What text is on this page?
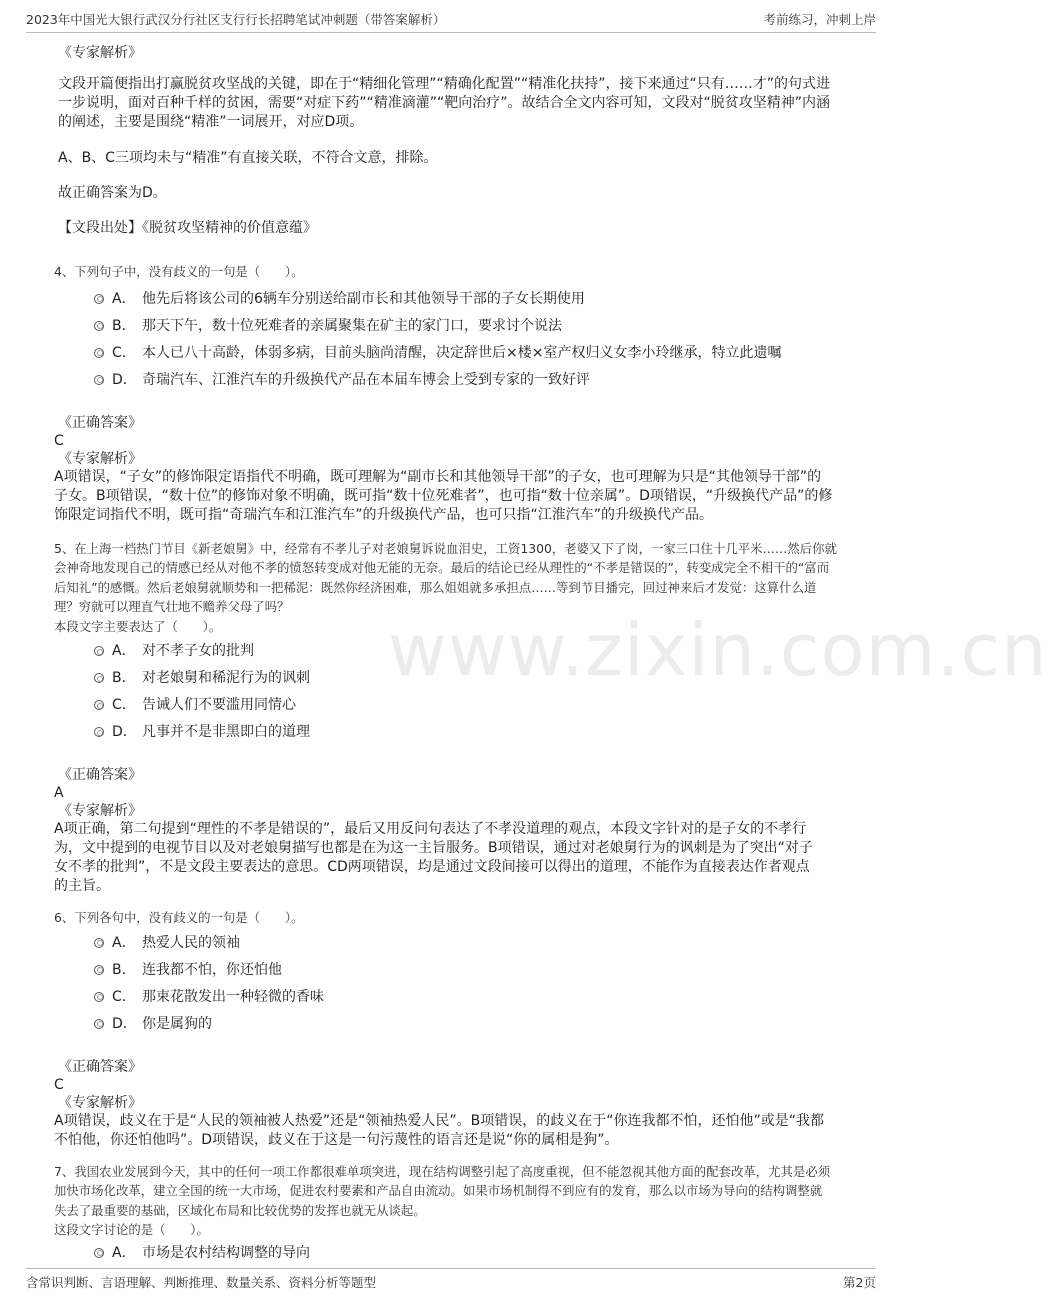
2023年中国光大银行武汉分行社区支行行长招聘笔试冲刺题（带答案解析）	考前练习，冲刺上岸
www.zixin.com.cn

《专家解析》

文段开篇便指出打赢脱贫攻坚战的关键，即在于“精细化管理”“精确化配置”“精准化扶持”，接下来通过“只有……才”的句式进

一步说明，面对百种千样的贫困，需要“对症下药”“精准滴灌”“靶向治疗”。故结合全文内容可知，文段对“脱贫攻坚精神”内涵

的阐述，主要是围绕“精准”一词展开，对应D项。

A、B、C三项均未与“精准”有直接关联，不符合文意，排除。

故正确答案为D。

【文段出处】《脱贫攻坚精神的价值意蕴》

4、下列句子中，没有歧义的一句是（　　）。

A． 他先后将该公司的6辆车分别送给副市长和其他领导干部的子女长期使用
B． 那天下午，数十位死难者的亲属聚集在矿主的家门口，要求讨个说法
C． 本人已八十高龄，体弱多病，目前头脑尚清醒，决定辞世后×楼×室产权归义女李小玲继承，特立此遗嘱
D． 奇瑞汽车、江淮汽车的升级换代产品在本届车博会上受到专家的一致好评

《正确答案》

C

《专家解析》

A项错误，“子女”的修饰限定语指代不明确，既可理解为“副市长和其他领导干部”的子女，也可理解为只是“其他领导干部”的

子女。B项错误，“数十位”的修饰对象不明确，既可指“数十位死难者”，也可指“数十位亲属”。D项错误，“升级换代产品”的修

饰限定词指代不明，既可指“奇瑞汽车和江淮汽车”的升级换代产品，也可只指“江淮汽车”的升级换代产品。

5、在上海一档热门节目《新老娘舅》中，经常有不孝儿子对老娘舅诉说血泪史，工资1300，老婆又下了岗，一家三口住十几平米……然后你就

会神奇地发现自己的情感已经从对他不孝的愤怒转变成对他无能的无奈。最后的结论已经从理性的“不孝是错误的”，转变成完全不相干的“富而

后知礼”的感慨。然后老娘舅就顺势和一把稀泥：既然你经济困难，那么姐姐就多承担点……等到节目播完，回过神来后才发觉：这算什么道

理？穷就可以理直气壮地不赡养父母了吗？

本段文字主要表达了（　　）。

A． 对不孝子女的批判
B． 对老娘舅和稀泥行为的讽刺
C． 告诫人们不要滥用同情心
D． 凡事并不是非黑即白的道理

《正确答案》

A

《专家解析》

A项正确，第二句提到“理性的不孝是错误的”，最后又用反问句表达了不孝没道理的观点，本段文字针对的是子女的不孝行

为，文中提到的电视节目以及对老娘舅描写也都是在为这一主旨服务。B项错误，通过对老娘舅行为的讽刺是为了突出“对子

女不孝的批判”，不是文段主要表达的意思。CD两项错误，均是通过文段间接可以得出的道理，不能作为直接表达作者观点

的主旨。

6、下列各句中，没有歧义的一句是（　　）。

A． 热爱人民的领袖
B． 连我都不怕，你还怕他
C． 那束花散发出一种轻微的香味
D． 你是属狗的

《正确答案》

C

《专家解析》

A项错误，歧义在于是“人民的领袖被人热爱”还是“领袖热爱人民”。B项错误，的歧义在于“你连我都不怕，还怕他”或是“我都

不怕他，你还怕他吗”。D项错误，歧义在于这是一句污蔑性的语言还是说“你的属相是狗”。

7、我国农业发展到今天，其中的任何一项工作都很难单项突进，现在结构调整引起了高度重视，但不能忽视其他方面的配套改革，尤其是必须

加快市场化改革，建立全国的统一大市场，促进农村要素和产品自由流动。如果市场机制得不到应有的发育，那么以市场为导向的结构调整就

失去了最重要的基础，区域化布局和比较优势的发挥也就无从谈起。

这段文字讨论的是（　　）。

A． 市场是农村结构调整的导向
含常识判断、言语理解、判断推理、数量关系、资料分析等题型	第2页
